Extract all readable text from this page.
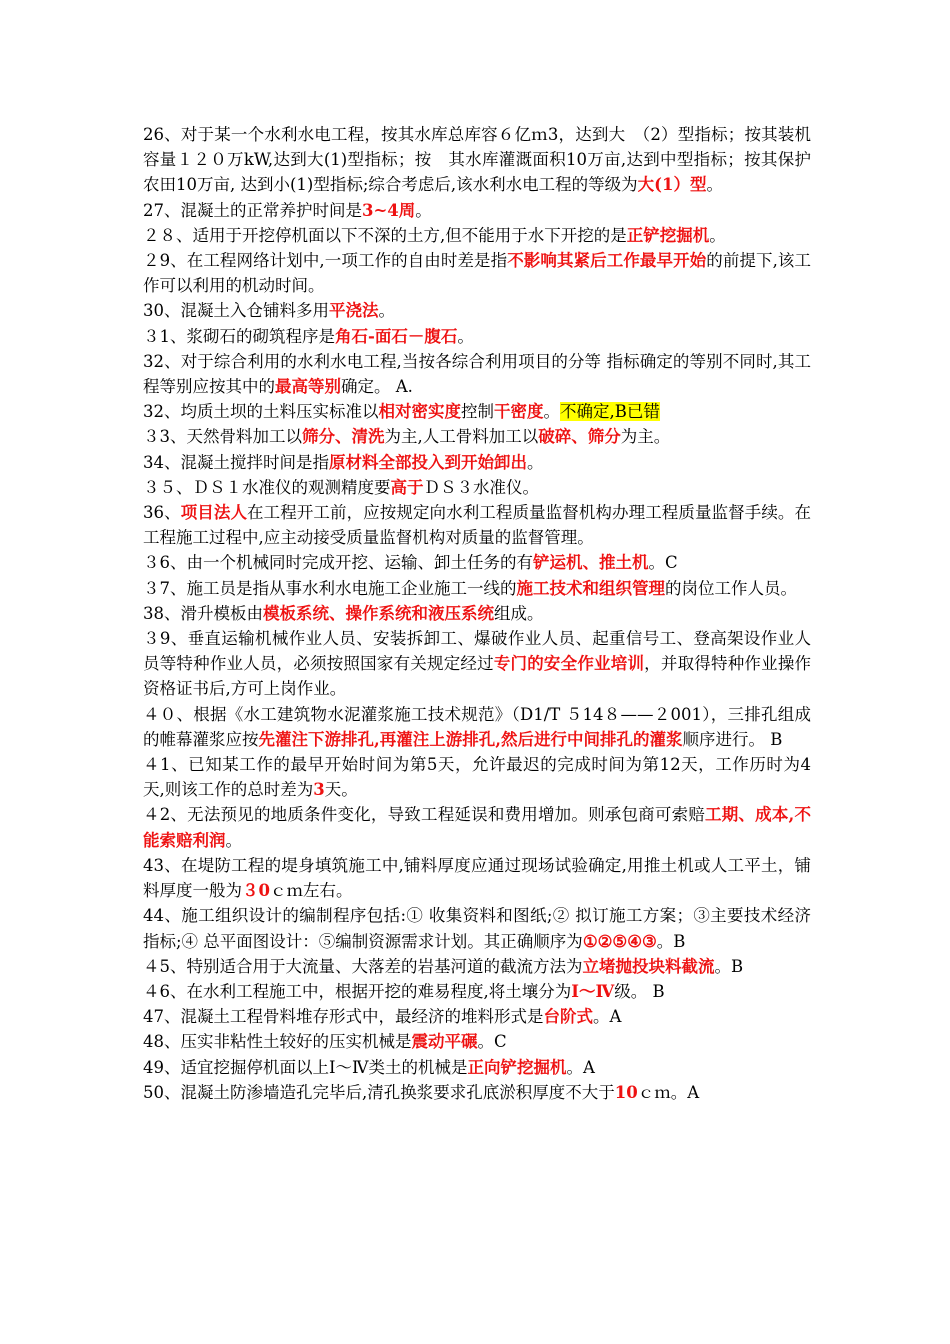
26、对于某一个水利水电工程，按其水库总库容６亿ｍ3，达到大　（2）型指标；按其装机容量１２０万kW,达到大(1)型指标；按　其水库灌溉面积10万亩,达到中型指标；按其保护农田10万亩, 达到小(1)型指标;综合考虑后,该水利水电工程的等级为大(1）型。

27、混凝土的正常养护时间是3~4周。

２８、适用于开挖停机面以下不深的土方,但不能用于水下开挖的是正铲挖掘机。

２9、在工程网络计划中,一项工作的自由时差是指不影响其紧后工作最早开始的前提下,该工作可以利用的机动时间。

30、混凝土入仓铺料多用平浇法。

３1、浆砌石的砌筑程序是角石-面石－腹石。

32、对于综合利用的水利水电工程,当按各综合利用项目的分等 指标确定的等别不同时,其工程等别应按其中的最高等别确定。 A.

32、均质土坝的土料压实标准以相对密实度控制干密度。不确定,B已错

３3、天然骨料加工以筛分、清洗为主,人工骨料加工以破碎、筛分为主。

34、混凝土搅拌时间是指原材料全部投入到开始卸出。

３５、ＤＳ１水准仪的观测精度要高于ＤＳ３水准仪。

36、项目法人在工程开工前，应按规定向水利工程质量监督机构办理工程质量监督手续。在工程施工过程中,应主动接受质量监督机构对质量的监督管理。

３6、由一个机械同时完成开挖、运输、卸土任务的有铲运机、推土机。C

３7、施工员是指从事水利水电施工企业施工一线的施工技术和组织管理的岗位工作人员。

38、滑升模板由模板系统、操作系统和液压系统组成。

３9、垂直运输机械作业人员、安装拆卸工、爆破作业人员、起重信号工、登高架设作业人员等特种作业人员，必须按照国家有关规定经过专门的安全作业培训，并取得特种作业操作资格证书后,方可上岗作业。

４０、根据《水工建筑物水泥灌浆施工技术规范》（D1/T ５14８——２001），三排孔组成的帷幕灌浆应按先灌注下游排孔,再灌注上游排孔,然后进行中间排孔的灌浆顺序进行。 B

４1、已知某工作的最早开始时间为第5天，允许最迟的完成时间为第12天，工作历时为4天,则该工作的总时差为3天。

４2、无法预见的地质条件变化，导致工程延误和费用增加。则承包商可索赔工期、成本,不能索赔利润。

43、在堤防工程的堤身填筑施工中,铺料厚度应通过现场试验确定,用推土机或人工平土，铺料厚度一般为３0ｃｍ左右。

44、施工组织设计的编制程序包括:① 收集资料和图纸;② 拟订施工方案；③主要技术经济指标;④ 总平面图设计：⑤编制资源需求计划。其正确顺序为①②⑤④③。B

４5、特别适合用于大流量、大落差的岩基河道的截流方法为立堵抛投块料截流。B

４6、在水利工程施工中，根据开挖的难易程度,将土壤分为Ⅰ～Ⅳ级。 B

47、混凝土工程骨料堆存形式中，最经济的堆料形式是台阶式。A

48、压实非粘性土较好的压实机械是震动平碾。C

49、适宜挖掘停机面以上Ⅰ～Ⅳ类土的机械是正向铲挖掘机。A

50、混凝土防渗墙造孔完毕后,清孔换浆要求孔底淤积厚度不大于10ｃｍ。A
